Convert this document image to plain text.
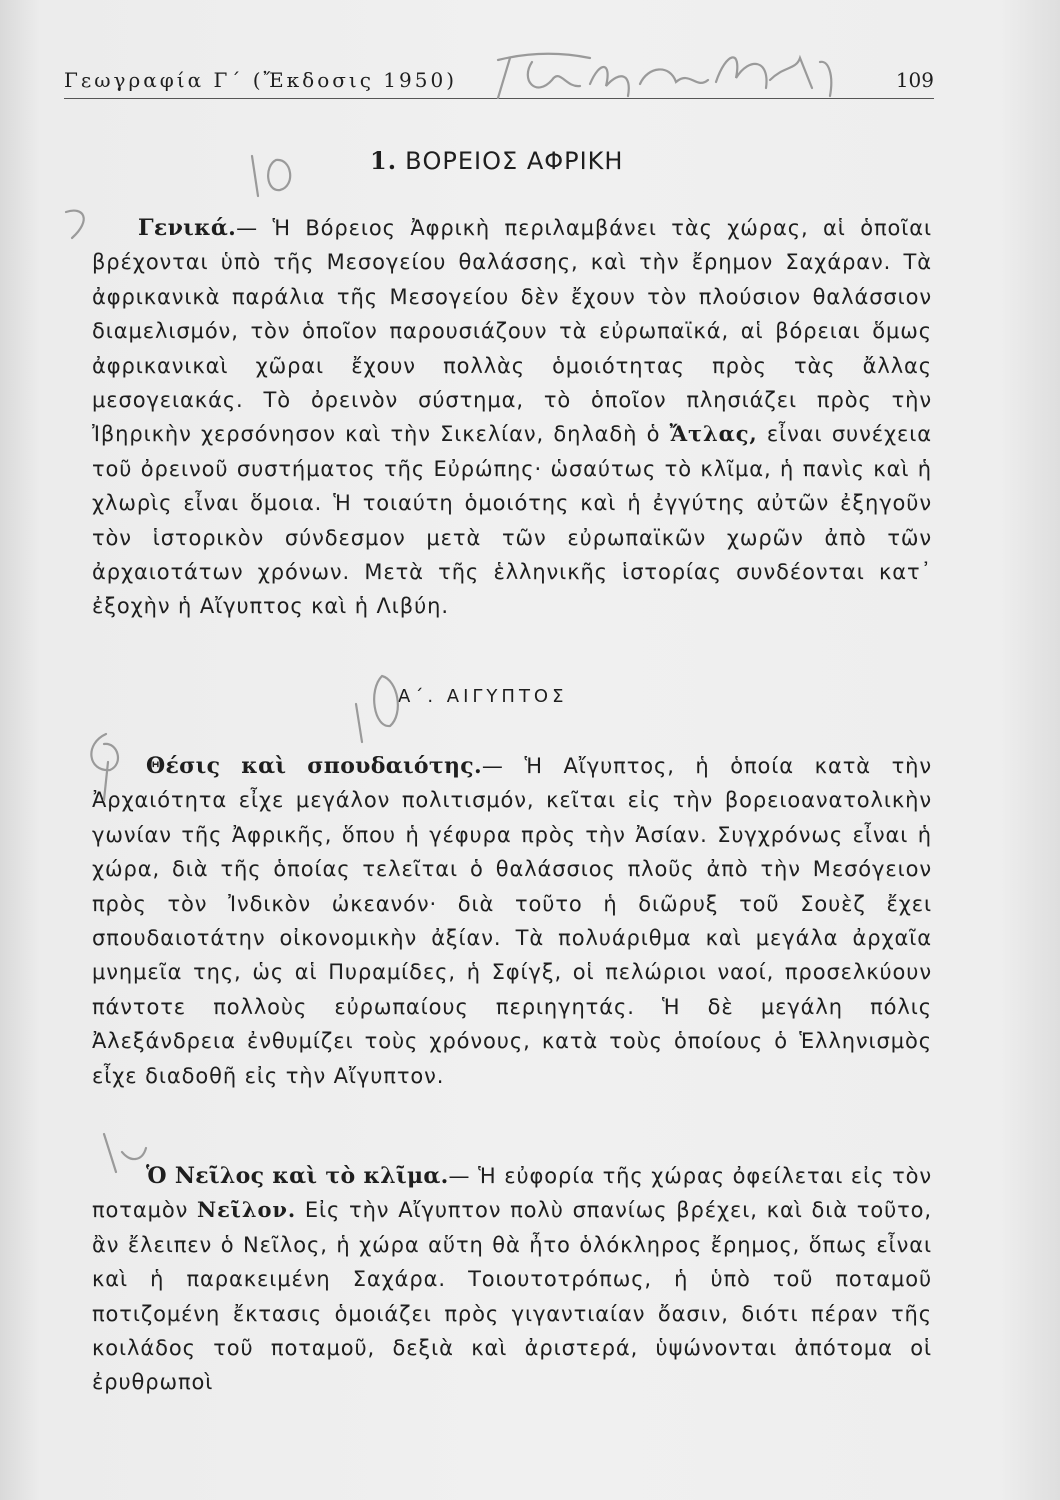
Γεωγραφία Γ΄ (Ἔκδοσις 1950)	109
1. ΒΟΡΕΙΟΣ ΑΦΡΙΚΗ

Γενικά.— Ἡ Βόρειος Ἀφρικὴ περιλαμβάνει τὰς χώρας, αἱ ὁποῖαι βρέχονται ὑπὸ τῆς Μεσογείου θαλάσσης, καὶ τὴν ἔρημον Σαχάραν. Τὰ ἀφρικανικὰ παράλια τῆς Μεσογείου δὲν ἔχουν τὸν πλούσιον θαλάσσιον διαμελισμόν, τὸν ὁποῖον παρουσιάζουν τὰ εὐρωπαϊκά, αἱ βόρειαι ὅμως ἀφρικανικαὶ χῶραι ἔχουν πολλὰς ὁμοιότητας πρὸς τὰς ἄλλας μεσογειακάς. Τὸ ὀρεινὸν σύστημα, τὸ ὁποῖον πλησιάζει πρὸς τὴν Ἰβηρικὴν χερσόνησον καὶ τὴν Σικελίαν, δηλαδὴ ὁ Ἄτλας, εἶναι συνέχεια τοῦ ὀρεινοῦ συστήματος τῆς Εὐρώπης· ὡσαύτως τὸ κλῖμα, ἡ πανὶς καὶ ἡ χλωρὶς εἶναι ὅμοια. Ἡ τοιαύτη ὁμοιότης καὶ ἡ ἐγγύτης αὐτῶν ἐξηγοῦν τὸν ἱστορικὸν σύνδεσμον μετὰ τῶν εὐρωπαϊκῶν χωρῶν ἀπὸ τῶν ἀρχαιοτάτων χρόνων. Μετὰ τῆς ἑλληνικῆς ἱστορίας συνδέονται κατ᾽ ἐξοχὴν ἡ Αἴγυπτος καὶ ἡ Λιβύη.

Α΄. ΑΙΓΥΠΤΟΣ

Θέσις καὶ σπουδαιότης.— Ἡ Αἴγυπτος, ἡ ὁποία κατὰ τὴν Ἀρχαιότητα εἶχε μεγάλον πολιτισμόν, κεῖται εἰς τὴν βορειοανατολικὴν γωνίαν τῆς Ἀφρικῆς, ὅπου ἡ γέφυρα πρὸς τὴν Ἀσίαν. Συγχρόνως εἶναι ἡ χώρα, διὰ τῆς ὁποίας τελεῖται ὁ θαλάσσιος πλοῦς ἀπὸ τὴν Μεσόγειον πρὸς τὸν Ἰνδικὸν ὠκεανόν· διὰ τοῦτο ἡ διῶρυξ τοῦ Σουὲζ ἔχει σπουδαιοτάτην οἰκονομικὴν ἀξίαν. Τὰ πολυάριθμα καὶ μεγάλα ἀρχαῖα μνημεῖα της, ὡς αἱ Πυραμίδες, ἡ Σφίγξ, οἱ πελώριοι ναοί, προσελκύουν πάντοτε πολλοὺς εὐρωπαίους περιηγητάς. Ἡ δὲ μεγάλη πόλις Ἀλεξάνδρεια ἐνθυμίζει τοὺς χρόνους, κατὰ τοὺς ὁποίους ὁ Ἑλληνισμὸς εἶχε διαδοθῆ εἰς τὴν Αἴγυπτον.

Ὁ Νεῖλος καὶ τὸ κλῖμα.— Ἡ εὐφορία τῆς χώρας ὀφείλεται εἰς τὸν ποταμὸν Νεῖλον. Εἰς τὴν Αἴγυπτον πολὺ σπανίως βρέχει, καὶ διὰ τοῦτο, ἂν ἔλειπεν ὁ Νεῖλος, ἡ χώρα αὕτη θὰ ἦτο ὁλόκληρος ἔρημος, ὅπως εἶναι καὶ ἡ παρακειμένη Σαχάρα. Τοιουτοτρόπως, ἡ ὑπὸ τοῦ ποταμοῦ ποτιζομένη ἔκτασις ὁμοιάζει πρὸς γιγαντιαίαν ὄασιν, διότι πέραν τῆς κοιλάδος τοῦ ποταμοῦ, δεξιὰ καὶ ἀριστερά, ὑψώνονται ἀπότομα οἱ ἐρυθρωποὶ
